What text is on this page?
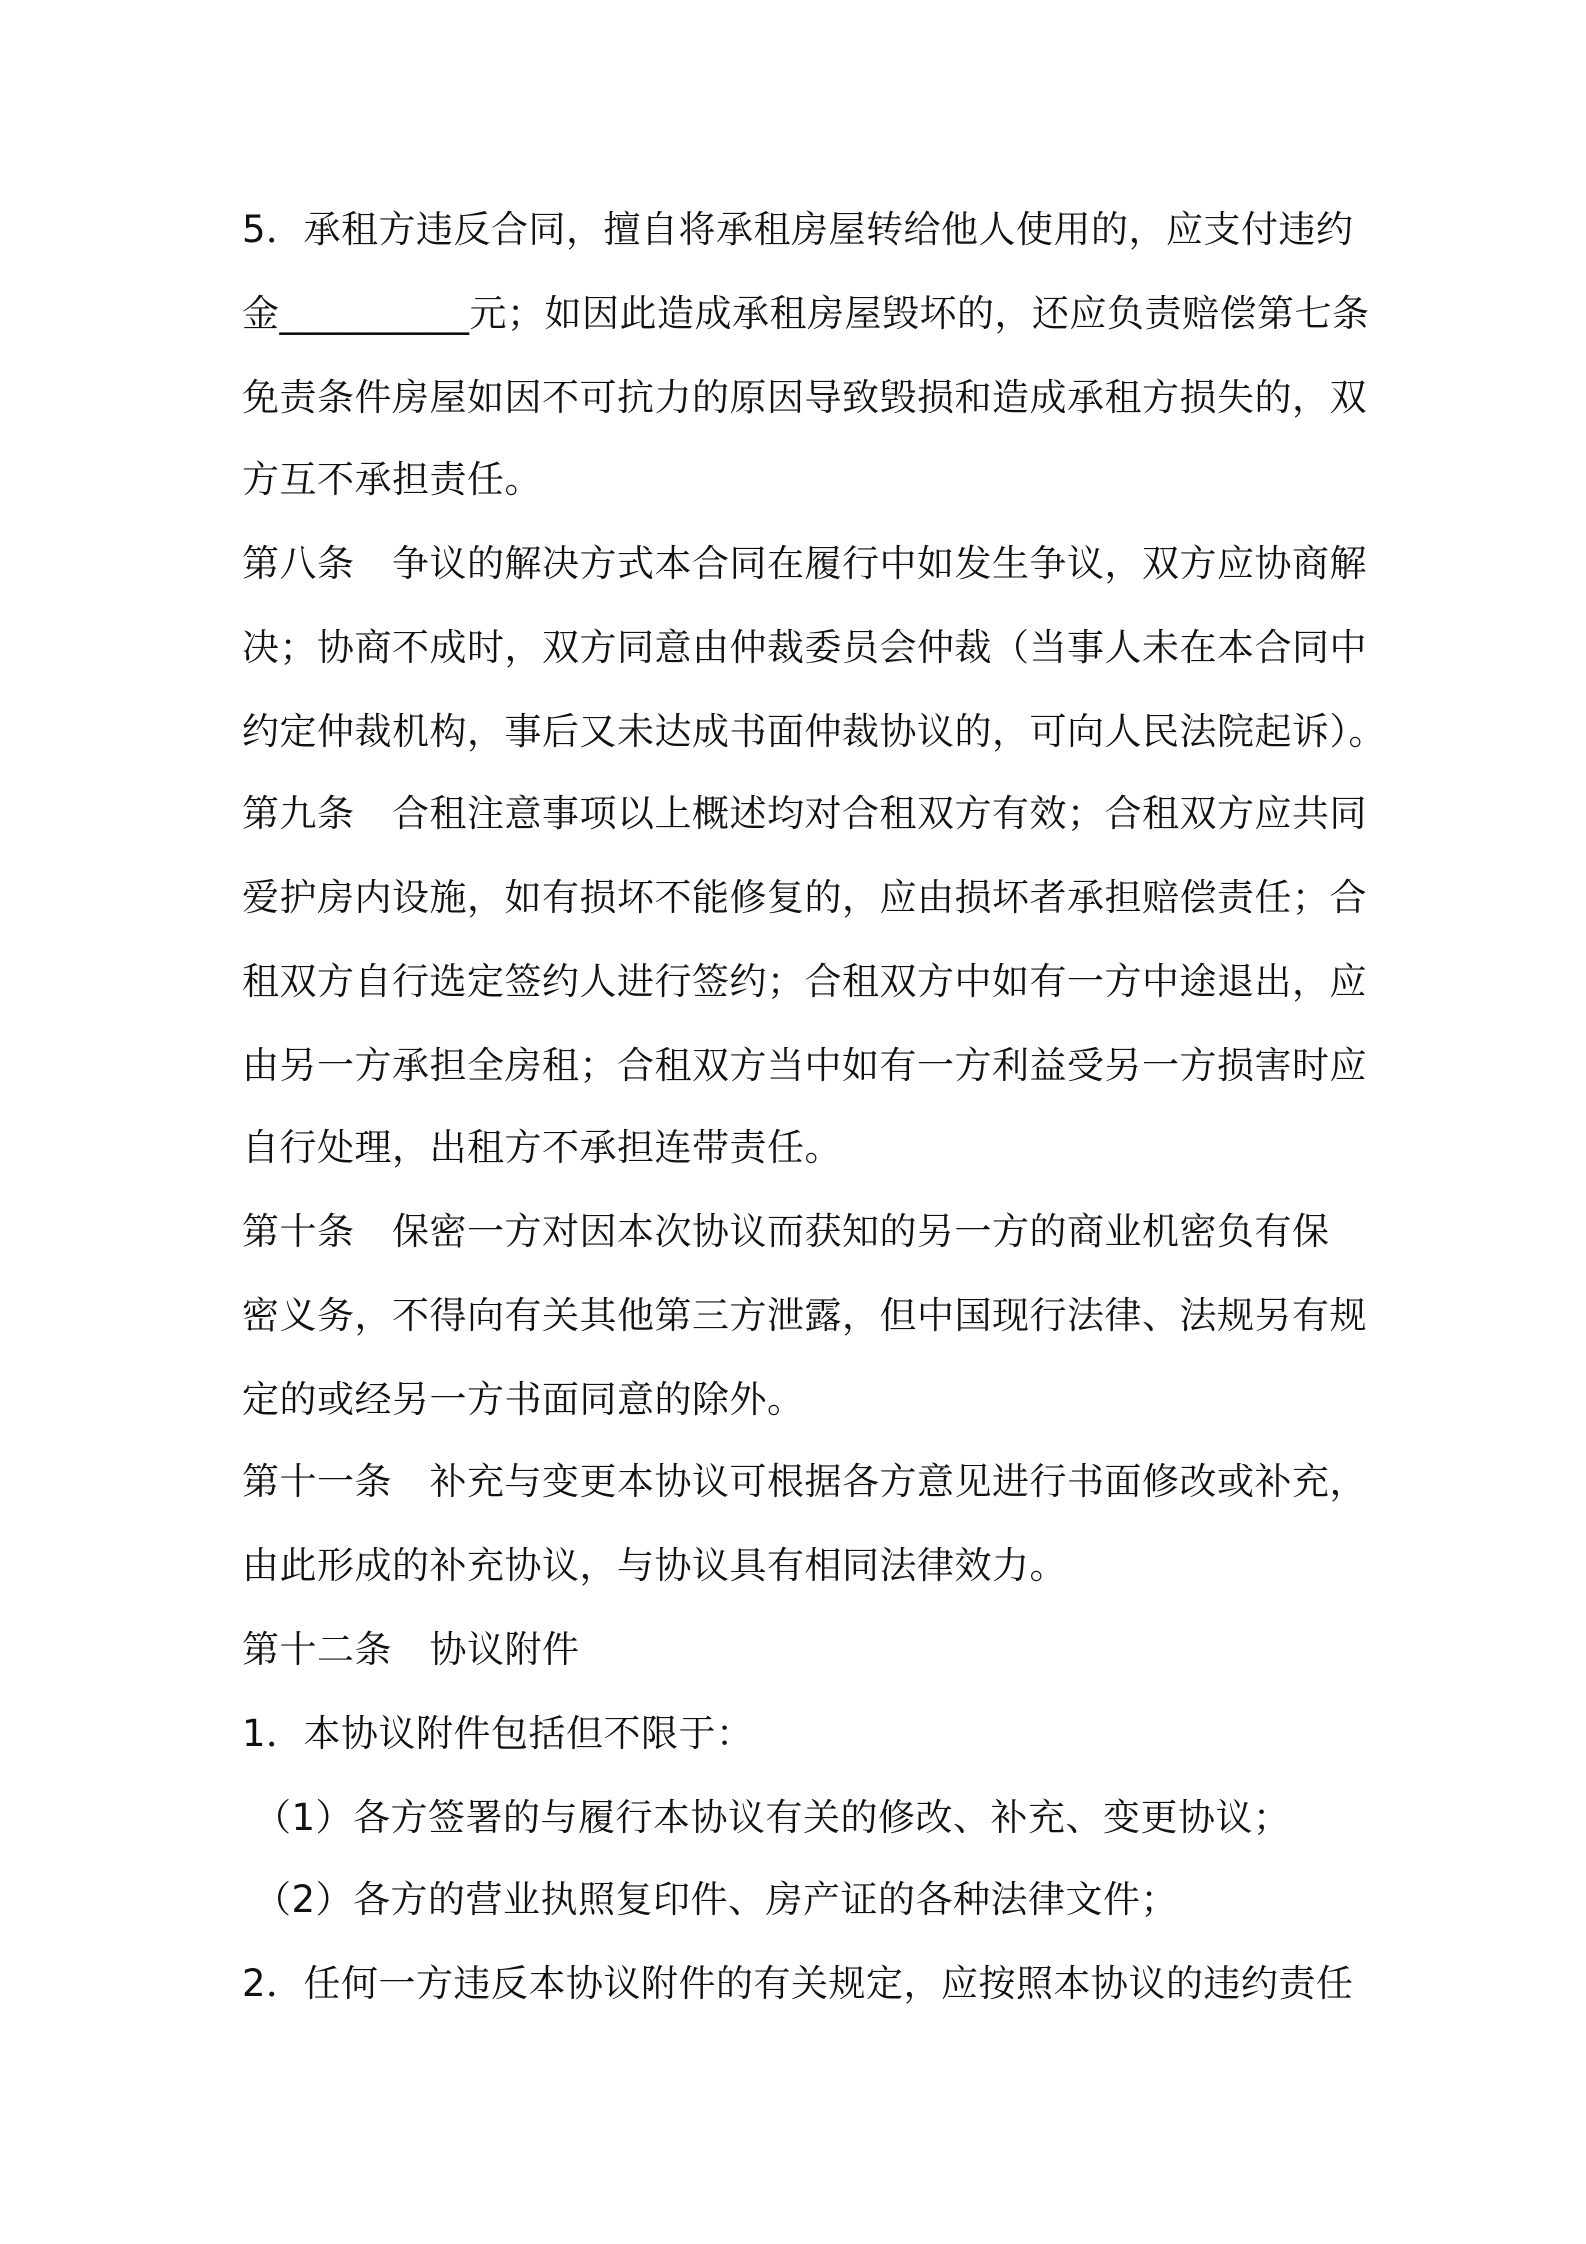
5．承租方违反合同，擅自将承租房屋转给他人使用的，应支付违约

金__________元；如因此造成承租房屋毁坏的，还应负责赔偿第七条

免责条件房屋如因不可抗力的原因导致毁损和造成承租方损失的，双

方互不承担责任。

第八条　争议的解决方式本合同在履行中如发生争议，双方应协商解

决；协商不成时，双方同意由仲裁委员会仲裁（当事人未在本合同中

约定仲裁机构，事后又未达成书面仲裁协议的，可向人民法院起诉）。

第九条　合租注意事项以上概述均对合租双方有效；合租双方应共同

爱护房内设施，如有损坏不能修复的，应由损坏者承担赔偿责任；合

租双方自行选定签约人进行签约；合租双方中如有一方中途退出，应

由另一方承担全房租；合租双方当中如有一方利益受另一方损害时应

自行处理，出租方不承担连带责任。

第十条　保密一方对因本次协议而获知的另一方的商业机密负有保

密义务，不得向有关其他第三方泄露，但中国现行法律、法规另有规

定的或经另一方书面同意的除外。

第十一条　补充与变更本协议可根据各方意见进行书面修改或补充，

由此形成的补充协议，与协议具有相同法律效力。

第十二条　协议附件

1．本协议附件包括但不限于：

（1）各方签署的与履行本协议有关的修改、补充、变更协议；

（2）各方的营业执照复印件、房产证的各种法律文件；

2．任何一方违反本协议附件的有关规定，应按照本协议的违约责任
